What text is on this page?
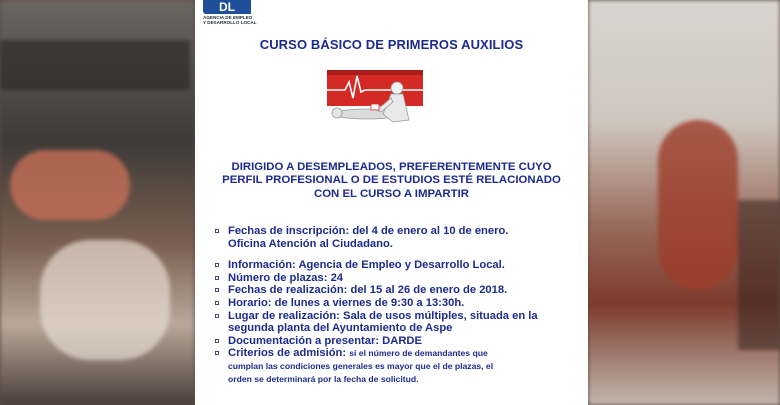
DL
AGENCIA DE EMPLEO
Y DESARROLLO LOCAL
CURSO BÁSICO DE PRIMEROS AUXILIOS
DIRIGIDO A DESEMPLEADOS, PREFERENTEMENTE CUYO
PERFIL PROFESIONAL O DE ESTUDIOS ESTÉ RELACIONADO
CON EL CURSO A IMPARTIR
Fechas de inscripción: del 4 de enero al 10 de enero.
Oficina Atención al Ciudadano.
Información: Agencia de Empleo y Desarrollo Local.
Número de plazas: 24
Fechas de realización: del 15 al 26 de enero de 2018.
Horario: de lunes a viernes de 9:30 a 13:30h.
Lugar de realización: Sala de usos múltiples, situada en la
segunda planta del Ayuntamiento de Aspe
Documentación a presentar: DARDE
Criterios de admisión: si el número de demandantes que
cumplan las condiciones generales es mayor que el de plazas, el
orden se determinará por la fecha de solicitud.
